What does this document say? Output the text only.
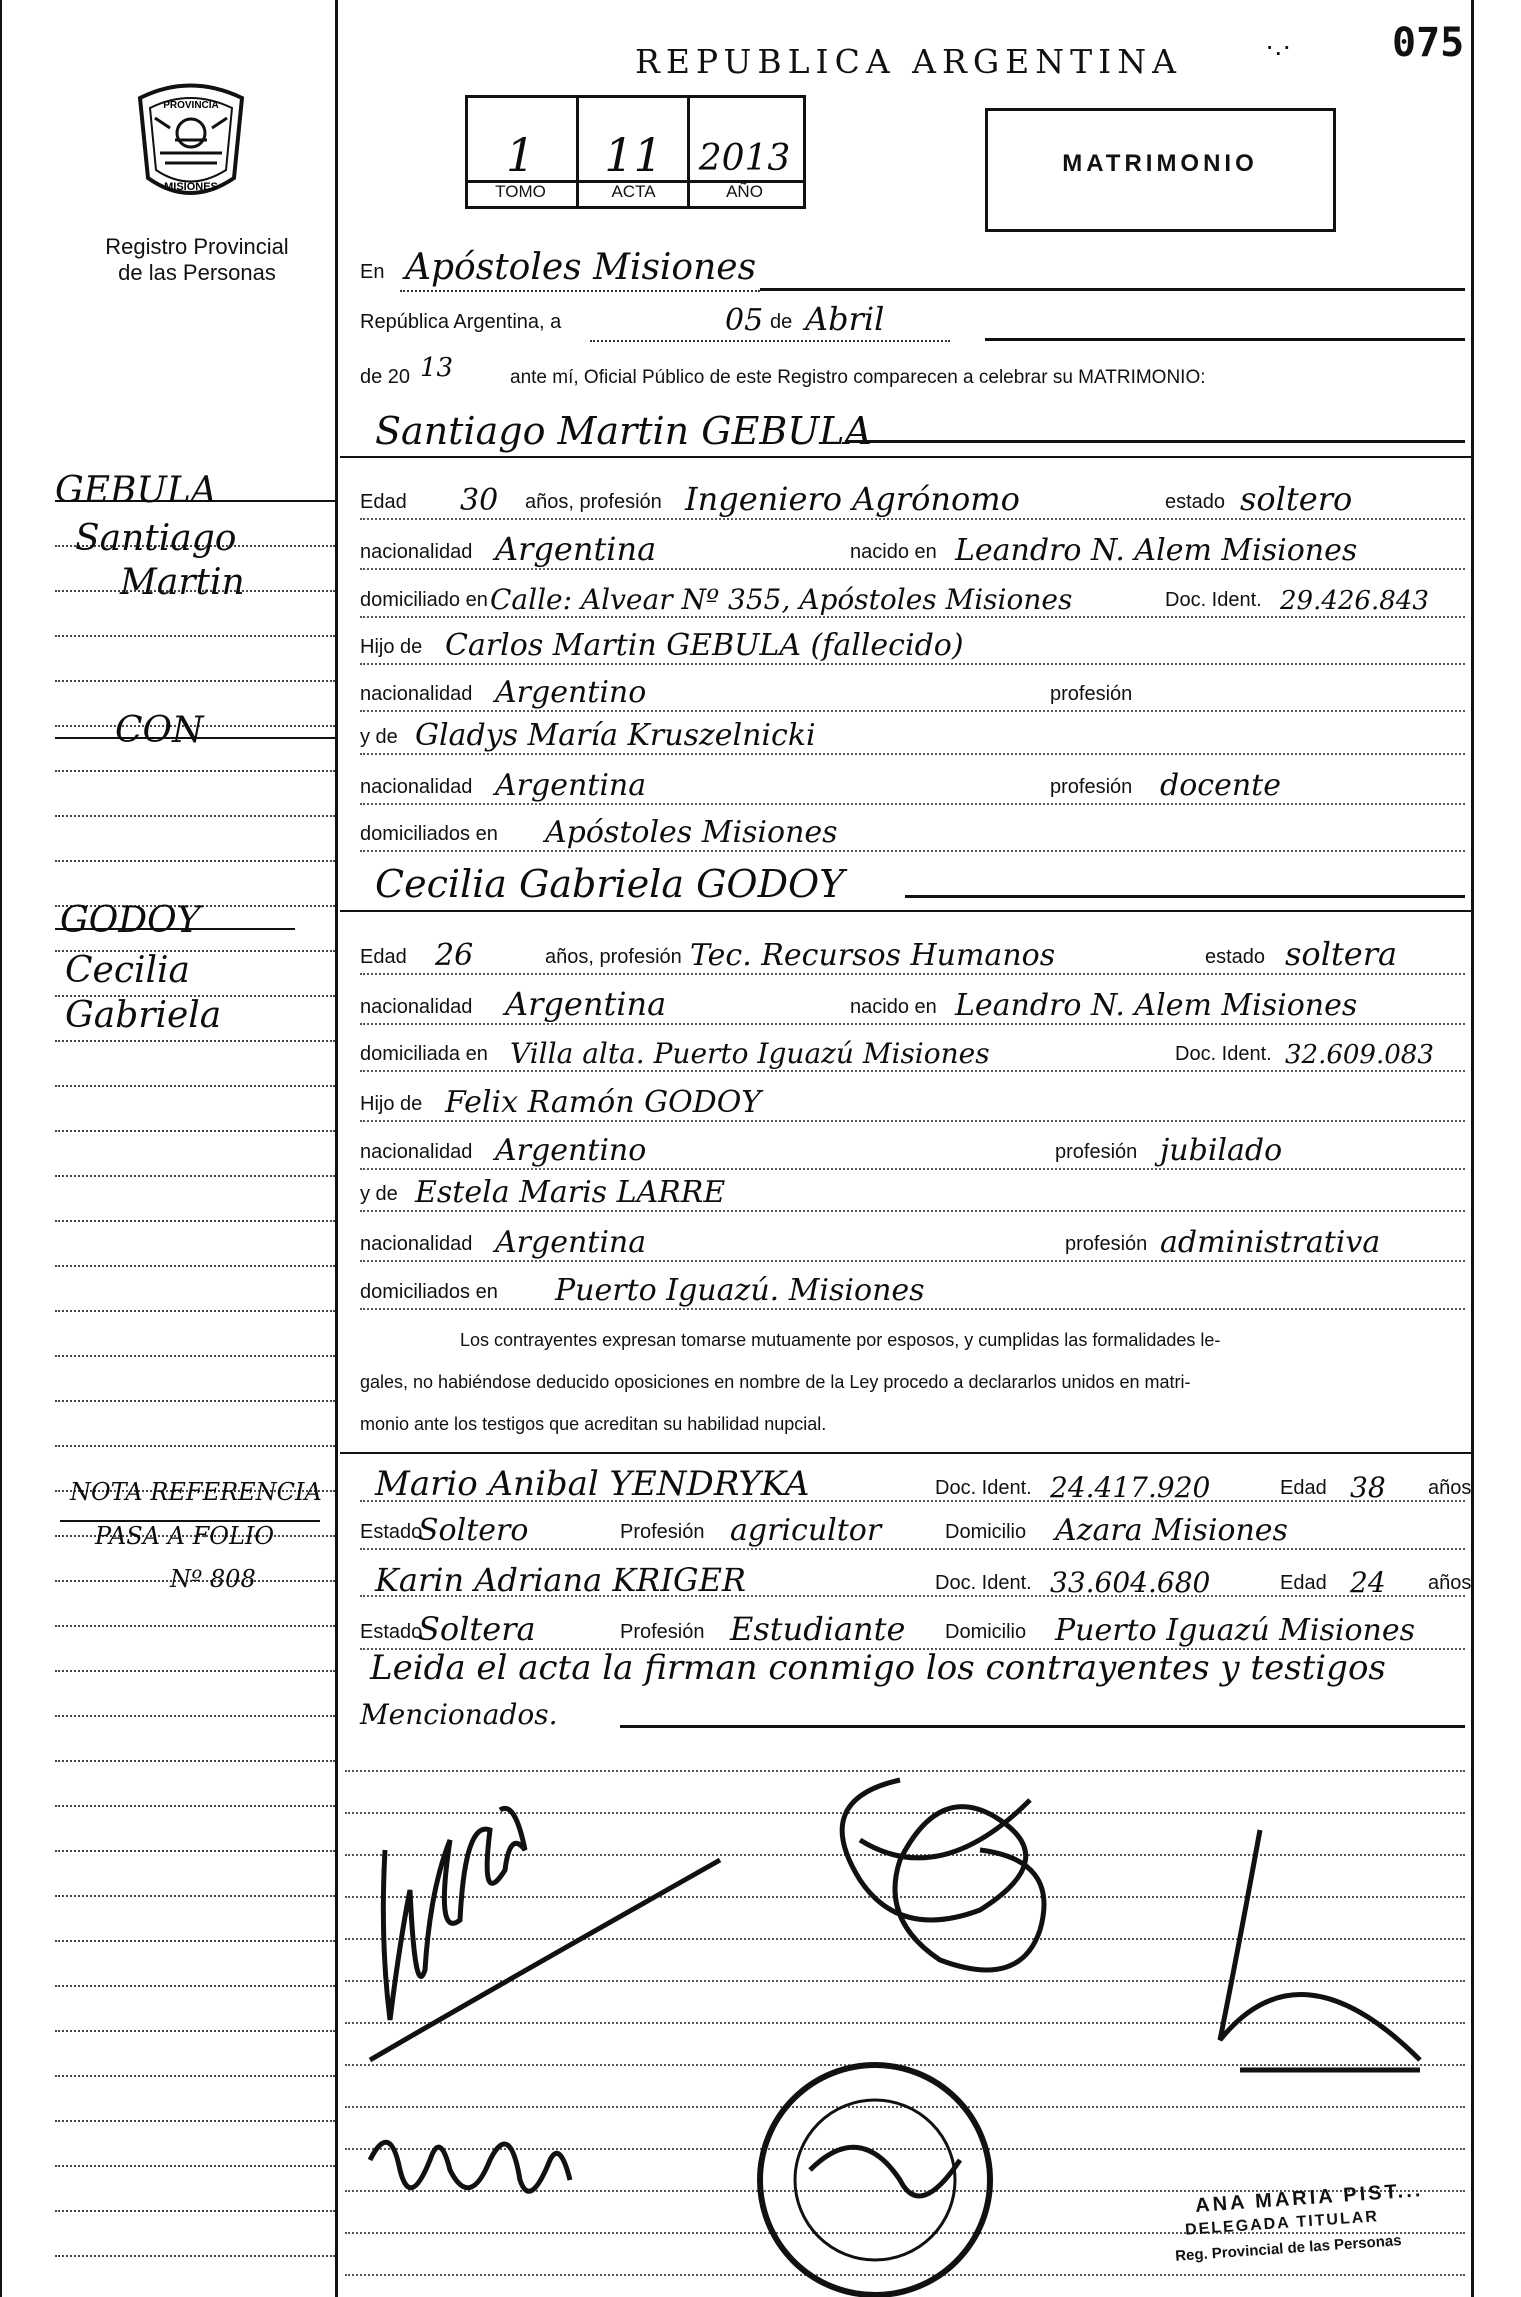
REPUBLICA ARGENTINA	·.·	075
PROVINCIA
MISIONES
Registro Provincial
de las Personas
1	11 2013
TOMO	ACTA	AÑO
MATRIMONIO
GEBULA
Santiago
Martin
CON
GODOY
Cecilia
Gabriela
NOTA REFERENCIA
PASA A FOLIO
Nº 808
En Apóstoles Misiones
República Argentina, a	05 de Abril
de 20 13	ante mí, Oficial Público de este Registro comparecen a celebrar su MATRIMONIO:
Santiago Martin GEBULA
Edad 30 años, profesión Ingeniero Agrónomo	estado soltero
nacionalidad Argentina	nacido en Leandro N. Alem Misiones
domiciliado en Calle: Alvear Nº 355, Apóstoles Misiones	Doc. Ident. 29.426.843
Hijo de Carlos Martin GEBULA (fallecido)
nacionalidad Argentino	profesión
y de Gladys María Kruszelnicki
nacionalidad Argentina	profesión docente
domiciliados en Apóstoles Misiones
Cecilia Gabriela GODOY
Edad 26	años, profesión Tec. Recursos Humanos	estado soltera
nacionalidad Argentina	nacido en Leandro N. Alem Misiones
domiciliada en Villa alta. Puerto Iguazú Misiones	Doc. Ident. 32.609.083
Hijo de Felix Ramón GODOY
nacionalidad Argentino	profesión jubilado
y de Estela Maris LARRE
nacionalidad Argentina	profesión administrativa
domiciliados en Puerto Iguazú. Misiones
Los contrayentes expresan tomarse mutuamente por esposos, y cumplidas las formalidades le-
gales, no habiéndose deducido oposiciones en nombre de la Ley procedo a declararlos unidos en matri-
monio ante los testigos que acreditan su habilidad nupcial.
Mario Anibal YENDRYKA	Doc. Ident. 24.417.920	Edad 38 años
Estado
Soltero	Profesión agricultor	Domicilio Azara Misiones
Karin Adriana KRIGER	Doc. Ident. 33.604.680	Edad 24 años
Estado
Soltera	Profesión Estudiante Domicilio Puerto Iguazú Misiones
Leida el acta la firman conmigo los contrayentes y testigos
Mencionados.
ANA MARIA PIST...
DELEGADA TITULAR
Reg. Provincial de las Personas
